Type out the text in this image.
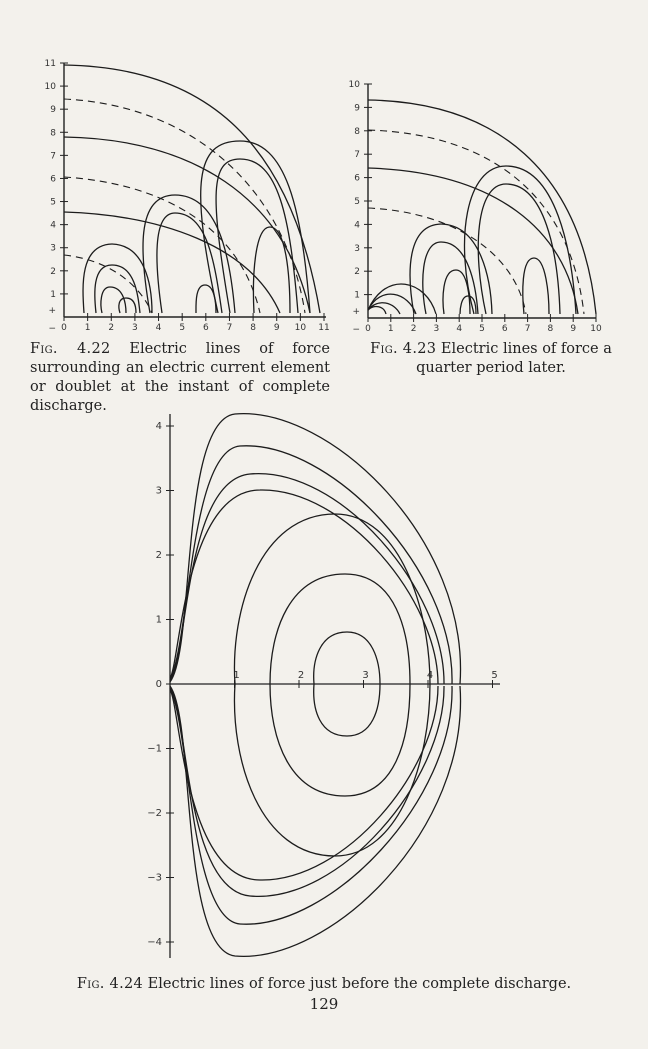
1
2
3
4
5
6
7
8
9
10
11
+
− 0 1 2 3 4 5 6 7 8 9 10 11
1
2
3
4
5
6
7
8
9
10
+
− 0 1 2 3 4 5 6 7 8 9 10
4
3
2
1
0
−1
−2
−3
−4
1	2	3	4	5
Fig. 4.22 Electric lines of force surrounding an electric current element or doublet at the instant of complete discharge.
Fig. 4.23 Electric lines of force a quarter period later.
Fig. 4.24 Electric lines of force just before the complete discharge.
129
